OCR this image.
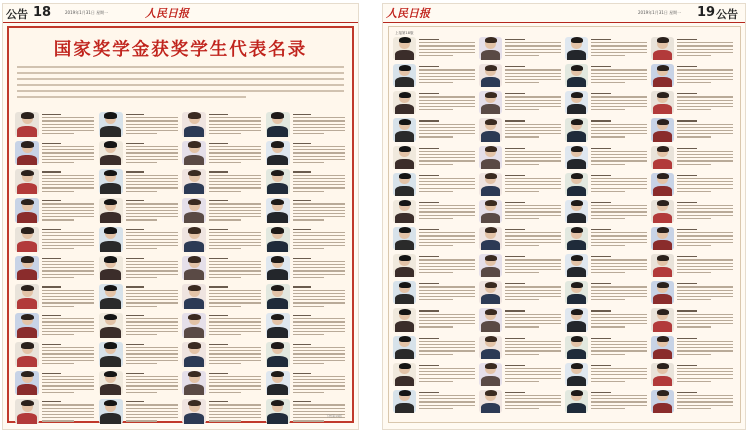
公告 18	2019年1月31日 星期一	人民日报
国家奖学金获奖学生代表名录
下转第19版
人民日报	2019年1月31日 星期一 19 公告
上接第18版
